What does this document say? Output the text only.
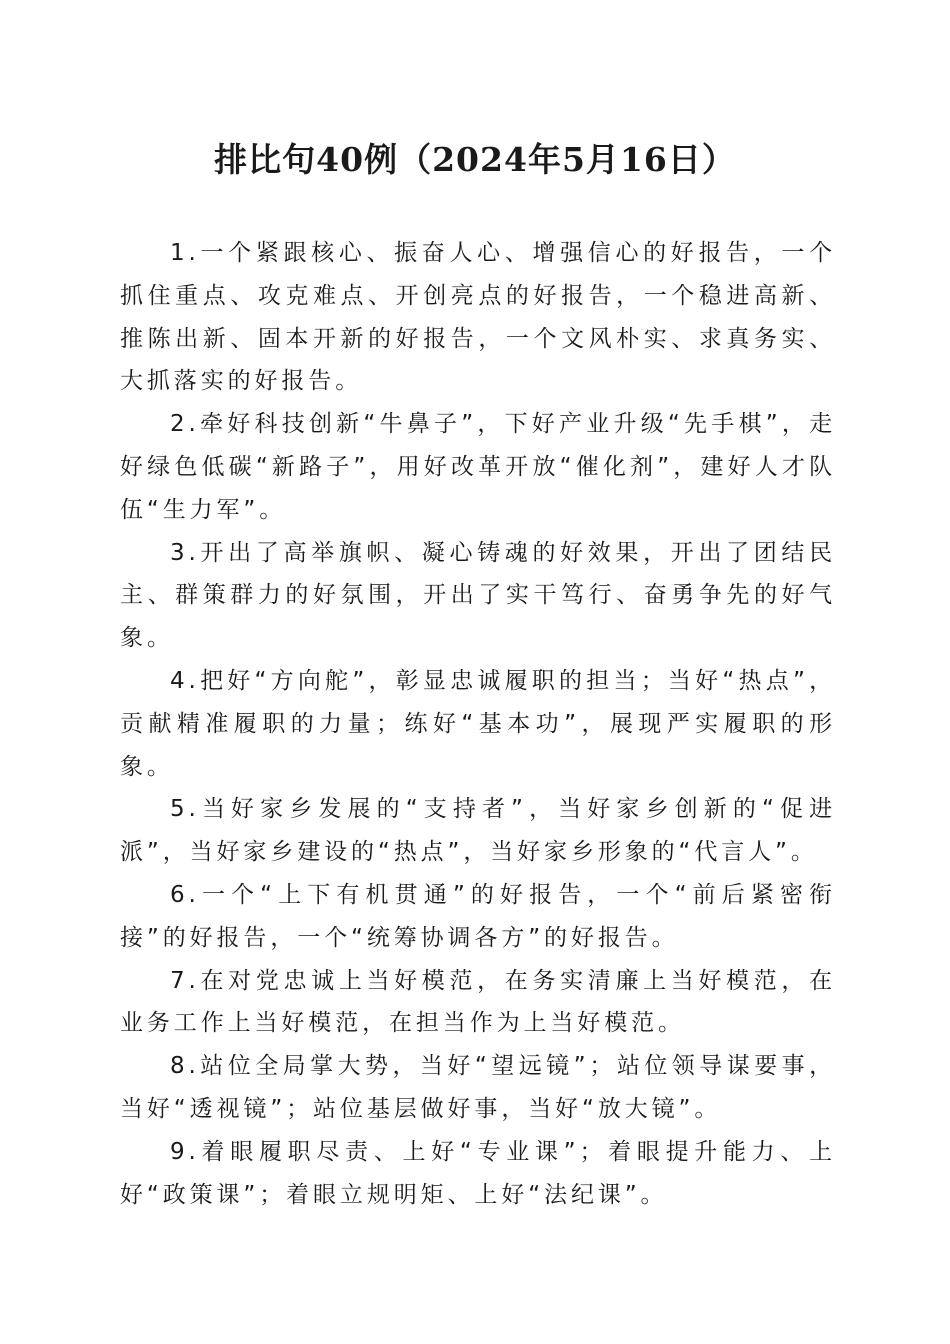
排比句40例（2024年5月16日）

1.一个紧跟核心、振奋人心、增强信心的好报告，一个抓住重点、攻克难点、开创亮点的好报告，一个稳进高新、推陈出新、固本开新的好报告，一个文风朴实、求真务实、大抓落实的好报告。

2.牵好科技创新“牛鼻子”，下好产业升级“先手棋”，走好绿色低碳“新路子”，用好改革开放“催化剂”，建好人才队伍“生力军”。

3.开出了高举旗帜、凝心铸魂的好效果，开出了团结民主、群策群力的好氛围，开出了实干笃行、奋勇争先的好气象。

4.把好“方向舵”，彰显忠诚履职的担当；当好“热点”，贡献精准履职的力量；练好“基本功”，展现严实履职的形象。

5.当好家乡发展的“支持者”，当好家乡创新的“促进派”，当好家乡建设的“热点”，当好家乡形象的“代言人”。

6.一个“上下有机贯通”的好报告，一个“前后紧密衔接”的好报告，一个“统筹协调各方”的好报告。

7.在对党忠诚上当好模范，在务实清廉上当好模范，在业务工作上当好模范，在担当作为上当好模范。

8.站位全局掌大势，当好“望远镜”；站位领导谋要事，当好“透视镜”；站位基层做好事，当好“放大镜”。

9.着眼履职尽责、上好“专业课”；着眼提升能力、上好“政策课”；着眼立规明矩、上好“法纪课”。
